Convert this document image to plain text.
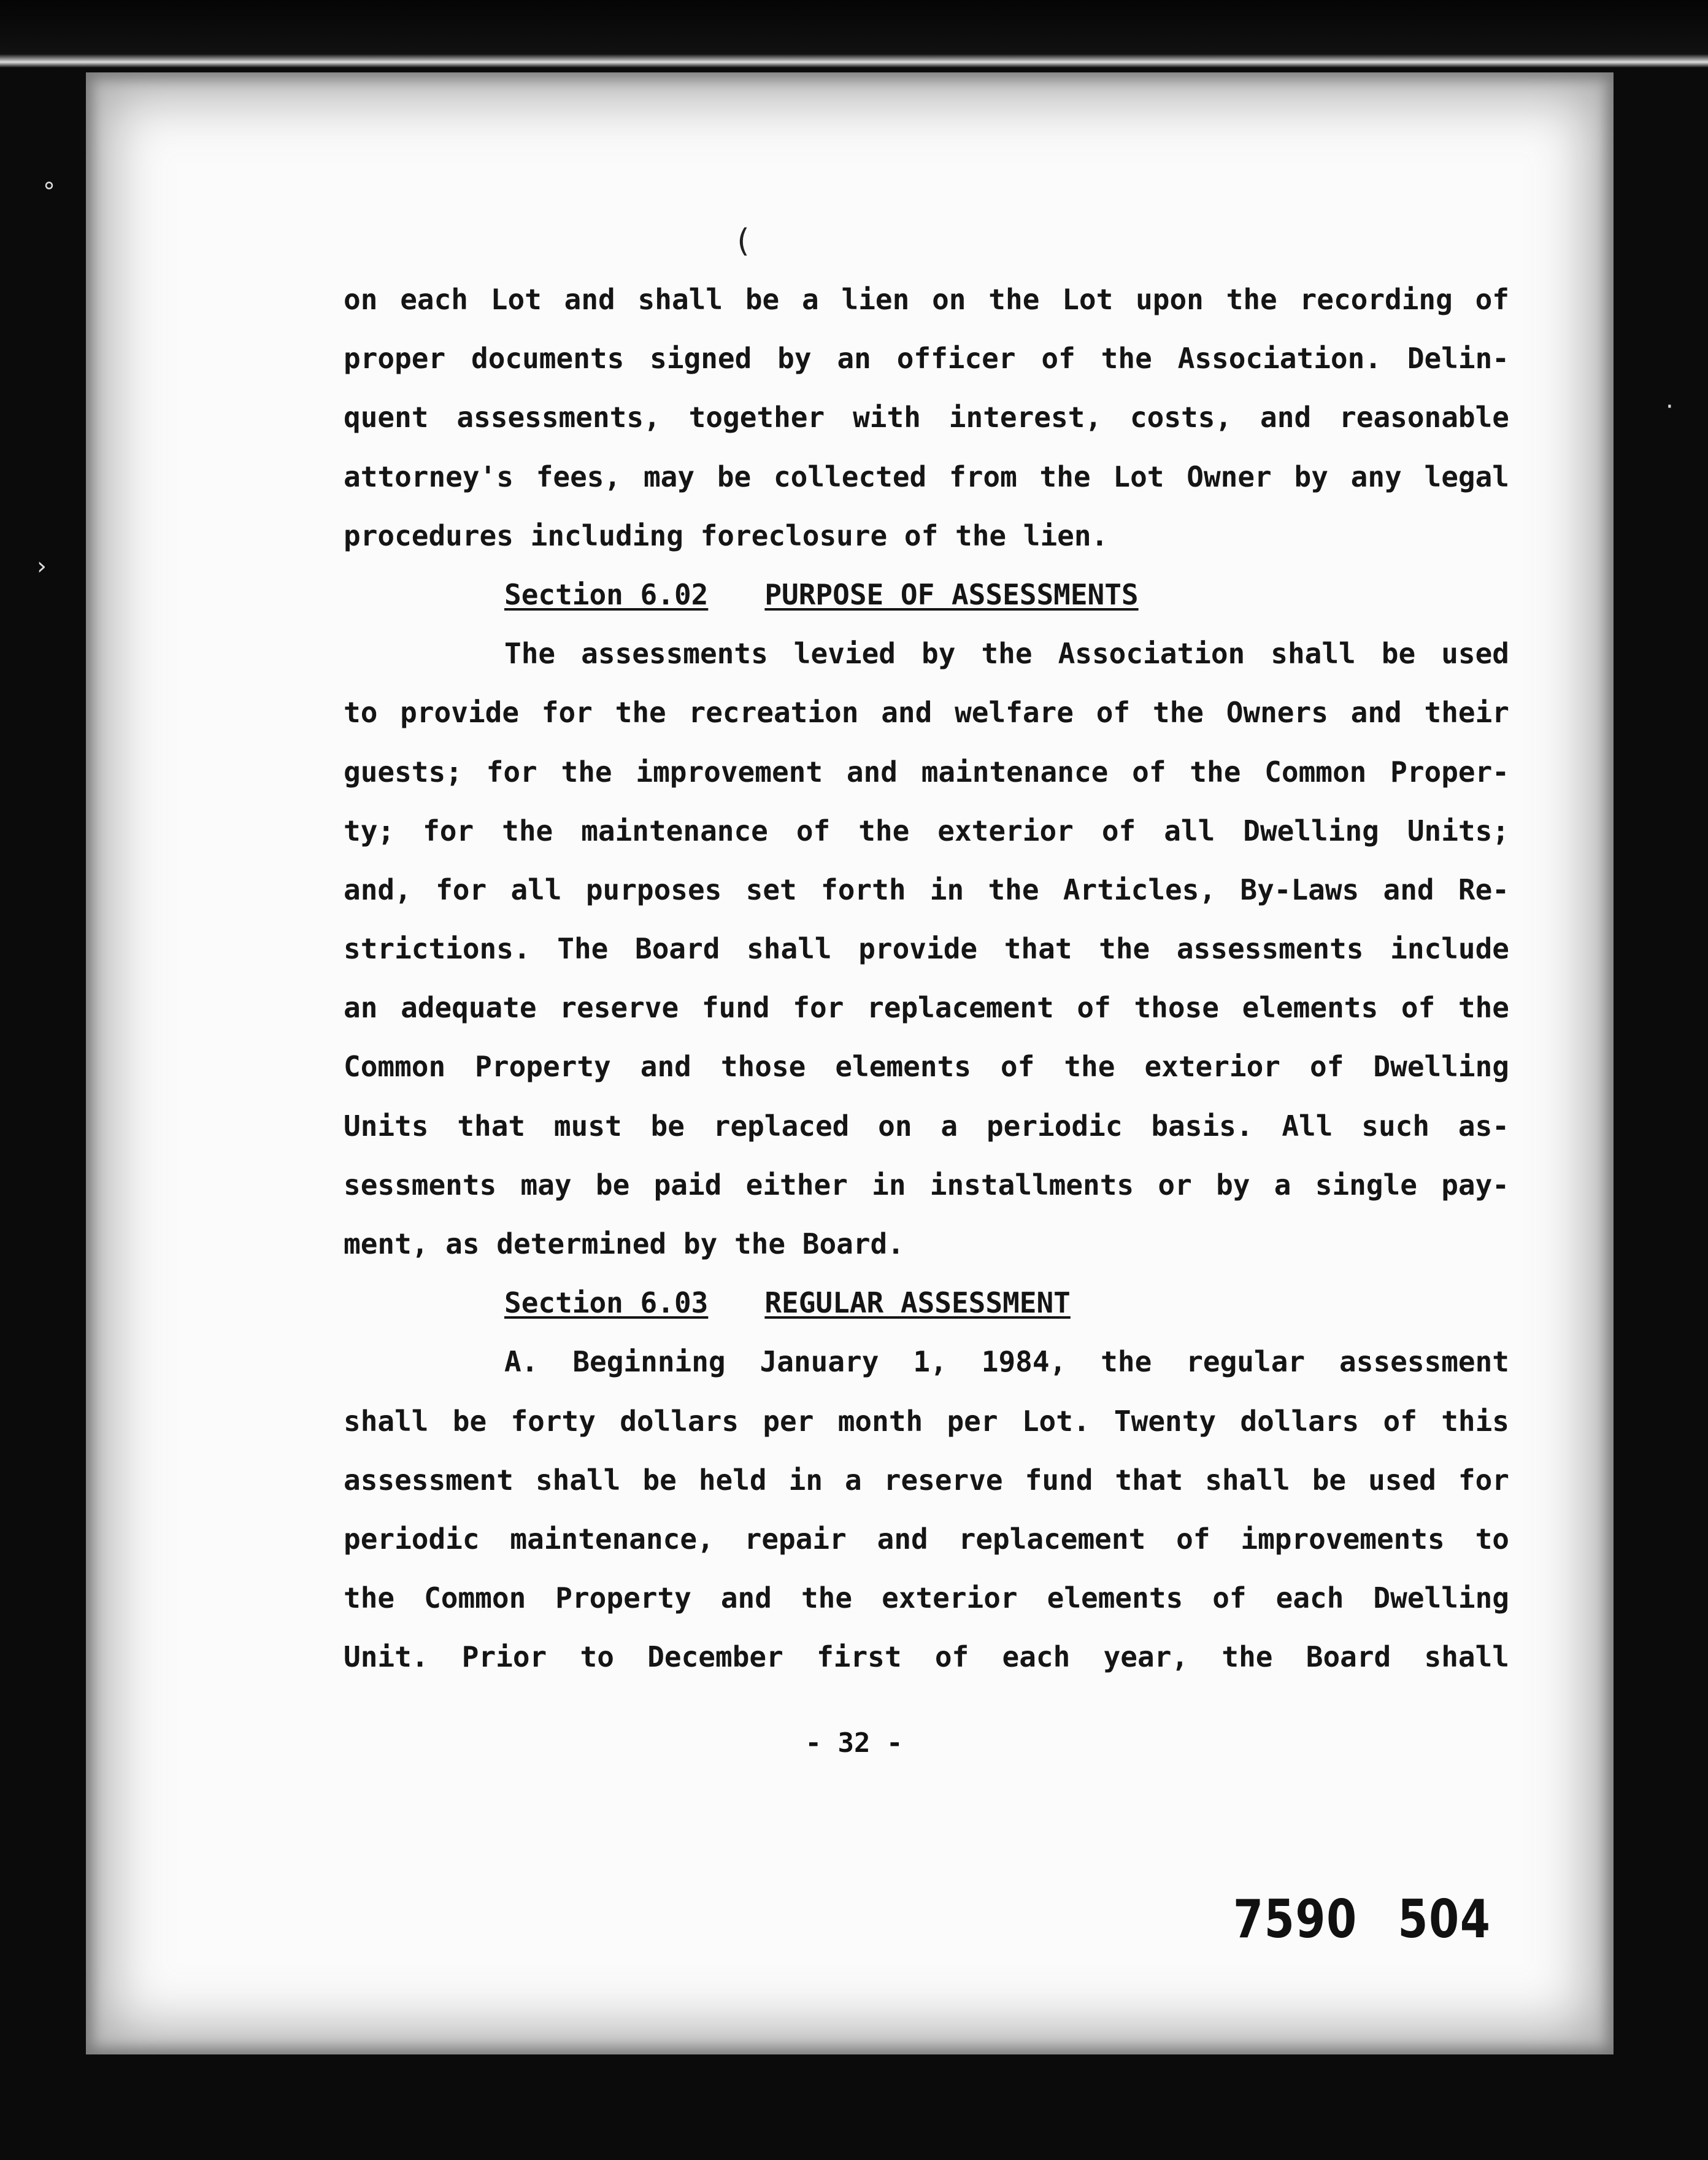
(
°
›
·
on each Lot and shall be a lien on the Lot upon the recording of
proper documents signed by an officer of the Association. Delin-
quent assessments, together with interest, costs, and reasonable
attorney's fees, may be collected from the Lot Owner by any legal
procedures including foreclosure of the lien.
Section 6.02 PURPOSE OF ASSESSMENTS
The assessments levied by the Association shall be used
to provide for the recreation and welfare of the Owners and their
guests; for the improvement and maintenance of the Common Proper-
ty; for the maintenance of the exterior of all Dwelling Units;
and, for all purposes set forth in the Articles, By-Laws and Re-
strictions. The Board shall provide that the assessments include
an adequate reserve fund for replacement of those elements of the
Common Property and those elements of the exterior of Dwelling
Units that must be replaced on a periodic basis. All such as-
sessments may be paid either in installments or by a single pay-
ment, as determined by the Board.
Section 6.03 REGULAR ASSESSMENT
A. Beginning January 1, 1984, the regular assessment
shall be forty dollars per month per Lot. Twenty dollars of this
assessment shall be held in a reserve fund that shall be used for
periodic maintenance, repair and replacement of improvements to
the Common Property and the exterior elements of each Dwelling
Unit. Prior to December first of each year, the Board shall
- 32 -
7590 504
